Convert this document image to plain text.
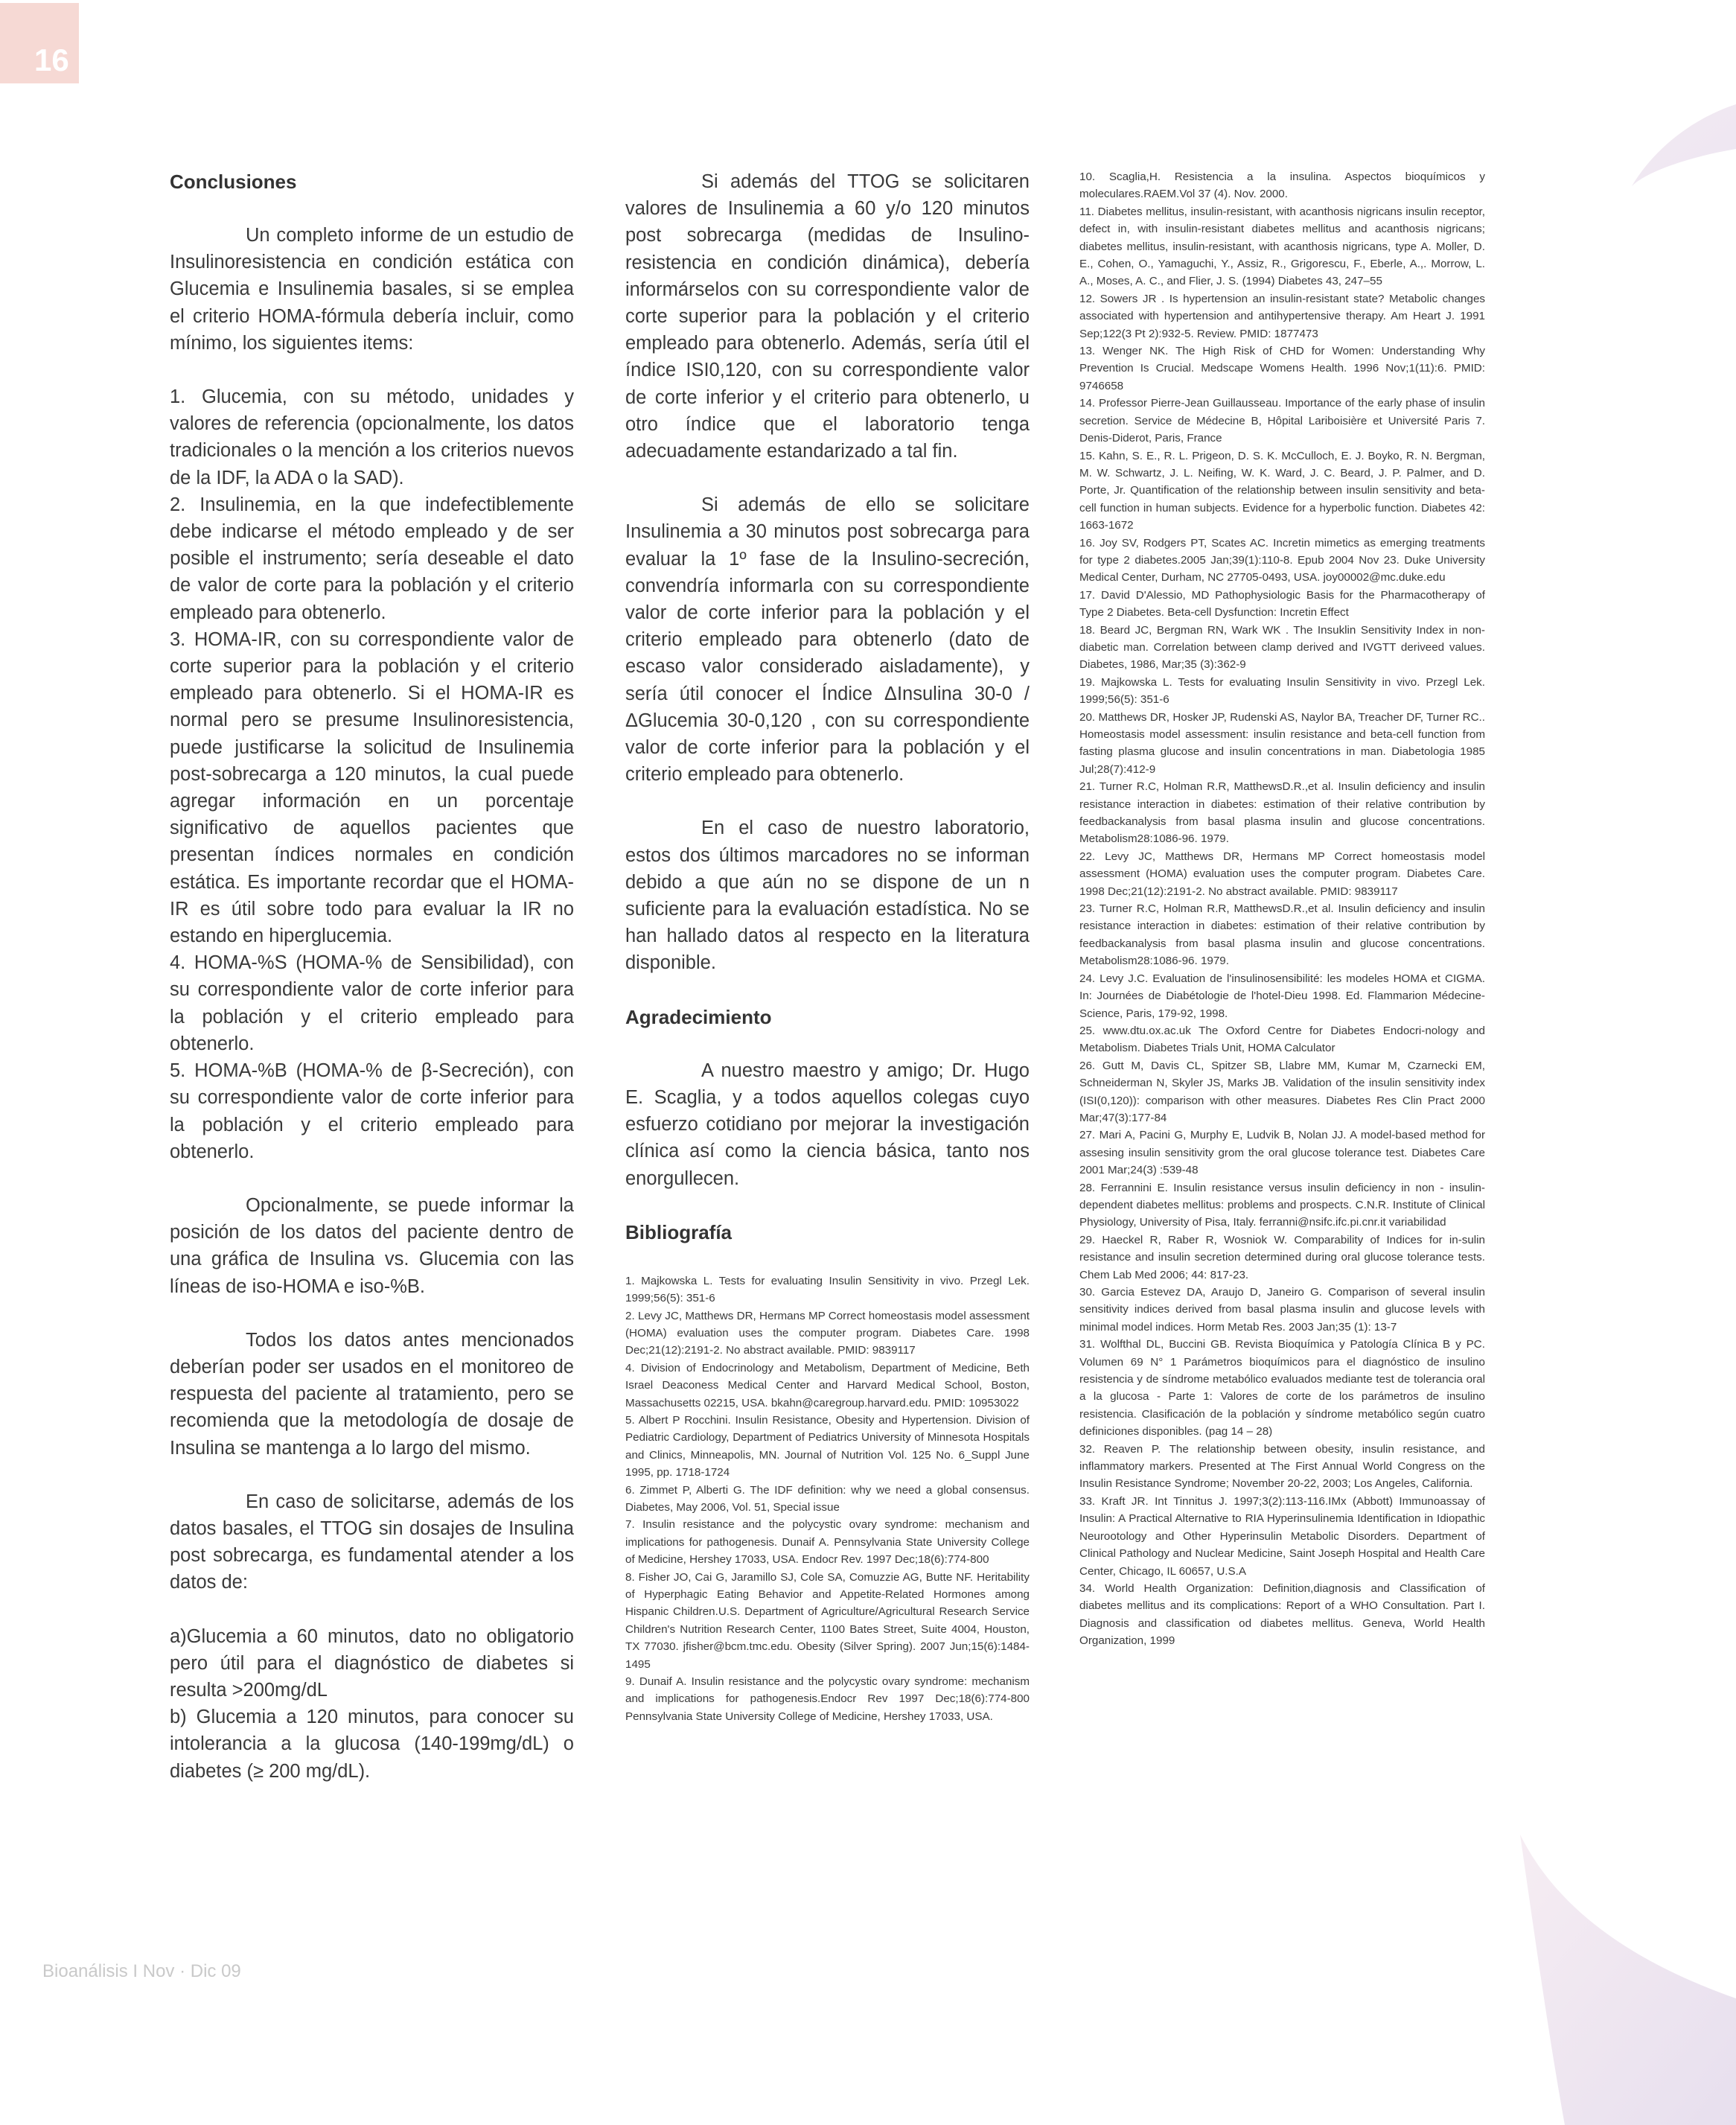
16
Conclusiones

Un completo informe de un estudio de Insulinoresistencia en condición estática con Glucemia e Insulinemia basales, si se emplea el criterio HOMA-fórmula debería incluir, como mínimo, los siguientes items:

1. Glucemia, con su método, unidades y valores de referencia (opcionalmente, los datos tradicionales o la mención a los criterios nuevos de la IDF, la ADA o la SAD).

2. Insulinemia, en la que indefectiblemente debe indicarse el método empleado y de ser posible el instrumento; sería deseable el dato de valor de corte para la población y el criterio empleado para obtenerlo.

3. HOMA-IR, con su correspondiente valor de corte superior para la población y el criterio empleado para obtenerlo. Si el HOMA-IR es normal pero se presume Insulinoresistencia, puede justificarse la solicitud de Insulinemia post-sobrecarga a 120 minutos, la cual puede agregar información en un porcentaje significativo de aquellos pacientes que presentan índices normales en condición estática. Es importante recordar que el HOMA-IR es útil sobre todo para evaluar la IR no estando en hiperglucemia.

4. HOMA-%S (HOMA-% de Sensibilidad), con su correspondiente valor de corte inferior para la población y el criterio empleado para obtenerlo.

5. HOMA-%B (HOMA-% de β-Secreción), con su correspondiente valor de corte inferior para la población y el criterio empleado para obtenerlo.

Opcionalmente, se puede informar la posición de los datos del paciente dentro de una gráfica de Insulina vs. Glucemia con las líneas de iso-HOMA e iso-%B.

Todos los datos antes mencionados deberían poder ser usados en el monitoreo de respuesta del paciente al tratamiento, pero se recomienda que la metodología de dosaje de Insulina se mantenga a lo largo del mismo.

En caso de solicitarse, además de los datos basales, el TTOG sin dosajes de Insulina post sobrecarga, es fundamental atender a los datos de:

a)Glucemia a 60 minutos, dato no obligatorio pero útil para el diagnóstico de diabetes si resulta >200mg/dL

b) Glucemia a 120 minutos, para conocer su intolerancia a la glucosa (140-199mg/dL) o diabetes (≥ 200 mg/dL).

Si además del TTOG se solicitaren valores de Insulinemia a 60 y/o 120 minutos post sobrecarga (medidas de Insulino-resistencia en condición dinámica), debería informárselos con su correspondiente valor de corte superior para la población y el criterio empleado para obtenerlo. Además, sería útil el índice ISI0,120, con su correspondiente valor de corte inferior y el criterio para obtenerlo, u otro índice que el laboratorio tenga adecuadamente estandarizado a tal fin.

Si además de ello se solicitare Insulinemia a 30 minutos post sobrecarga para evaluar la 1º fase de la Insulino-secreción, convendría informarla con su correspondiente valor de corte inferior para la población y el criterio empleado para obtenerlo (dato de escaso valor considerado aisladamente), y sería útil conocer el Índice ΔInsulina 30-0 / ΔGlucemia 30-0,120 , con su correspondiente valor de corte inferior para la población y el criterio empleado para obtenerlo.

En el caso de nuestro laboratorio, estos dos últimos marcadores no se informan debido a que aún no se dispone de un n suficiente para la evaluación estadística. No se han hallado datos al respecto en la literatura disponible.

Agradecimiento

A nuestro maestro y amigo; Dr. Hugo E. Scaglia, y a todos aquellos colegas cuyo esfuerzo cotidiano por mejorar la investigación clínica así como la ciencia básica, tanto nos enorgullecen.

Bibliografía

1. Majkowska L. Tests for evaluating Insulin Sensitivity in vivo. Przegl Lek. 1999;56(5): 351-6

2. Levy JC, Matthews DR, Hermans MP Correct homeostasis model assessment (HOMA) evaluation uses the computer program. Diabetes Care. 1998 Dec;21(12):2191-2. No abstract available. PMID: 9839117

4. Division of Endocrinology and Metabolism, Department of Medicine, Beth Israel Deaconess Medical Center and Harvard Medical School, Boston, Massachusetts 02215, USA. bkahn@caregroup.harvard.edu. PMID: 10953022

5. Albert P Rocchini. Insulin Resistance, Obesity and Hypertension. Division of Pediatric Cardiology, Department of Pediatrics University of Minnesota Hospitals and Clinics, Minneapolis, MN. Journal of Nutrition Vol. 125 No. 6_Suppl June 1995, pp. 1718-1724

6. Zimmet P, Alberti G. The IDF definition: why we need a global consensus. Diabetes, May 2006, Vol. 51, Special issue

7. Insulin resistance and the polycystic ovary syndrome: mechanism and implications for pathogenesis. Dunaif A. Pennsylvania State University College of Medicine, Hershey 17033, USA. Endocr Rev. 1997 Dec;18(6):774-800

8. Fisher JO, Cai G, Jaramillo SJ, Cole SA, Comuzzie AG, Butte NF. Heritability of Hyperphagic Eating Behavior and Appetite-Related Hormones among Hispanic Children.U.S. Department of Agriculture/Agricultural Research Service Children's Nutrition Research Center, 1100 Bates Street, Suite 4004, Houston, TX 77030. jfisher@bcm.tmc.edu. Obesity (Silver Spring). 2007 Jun;15(6):1484-1495

9. Dunaif A. Insulin resistance and the polycystic ovary syndrome: mechanism and implications for pathogenesis.Endocr Rev 1997 Dec;18(6):774-800 Pennsylvania State University College of Medicine, Hershey 17033, USA.

10. Scaglia,H. Resistencia a la insulina. Aspectos bioquímicos y moleculares.RAEM.Vol 37 (4). Nov. 2000.

11. Diabetes mellitus, insulin-resistant, with acanthosis nigricans insulin receptor, defect in, with insulin-resistant diabetes mellitus and acanthosis nigricans; diabetes mellitus, insulin-resistant, with acanthosis nigricans, type A. Moller, D. E., Cohen, O., Yamaguchi, Y., Assiz, R., Grigorescu, F., Eberle, A.,. Morrow, L. A., Moses, A. C., and Flier, J. S. (1994) Diabetes 43, 247–55

12. Sowers JR . Is hypertension an insulin-resistant state? Metabolic changes associated with hypertension and antihypertensive therapy. Am Heart J. 1991 Sep;122(3 Pt 2):932-5. Review. PMID: 1877473

13. Wenger NK. The High Risk of CHD for Women: Understanding Why Prevention Is Crucial. Medscape Womens Health. 1996 Nov;1(11):6. PMID: 9746658

14. Professor Pierre-Jean Guillausseau. Importance of the early phase of insulin secretion. Service de Médecine B, Hôpital Lariboisière et Université Paris 7. Denis-Diderot, Paris, France

15. Kahn, S. E., R. L. Prigeon, D. S. K. McCulloch, E. J. Boyko, R. N. Bergman, M. W. Schwartz, J. L. Neifing, W. K. Ward, J. C. Beard, J. P. Palmer, and D. Porte, Jr. Quantification of the relationship between insulin sensitivity and beta-cell function in human subjects. Evidence for a hyperbolic function. Diabetes 42: 1663-1672

16. Joy SV, Rodgers PT, Scates AC. Incretin mimetics as emerging treatments for type 2 diabetes.2005 Jan;39(1):110-8. Epub 2004 Nov 23. Duke University Medical Center, Durham, NC 27705-0493, USA. joy00002@mc.duke.edu

17. David D'Alessio, MD Pathophysiologic Basis for the Pharmacotherapy of Type 2 Diabetes. Beta-cell Dysfunction: Incretin Effect

18. Beard JC, Bergman RN, Wark WK . The Insuklin Sensitivity Index in non-diabetic man. Correlation between clamp derived and IVGTT deriveed values. Diabetes, 1986, Mar;35 (3):362-9

19. Majkowska L. Tests for evaluating Insulin Sensitivity in vivo. Przegl Lek. 1999;56(5): 351-6

20. Matthews DR, Hosker JP, Rudenski AS, Naylor BA, Treacher DF, Turner RC.. Homeostasis model assessment: insulin resistance and beta-cell function from fasting plasma glucose and insulin concentrations in man. Diabetologia 1985 Jul;28(7):412-9

21. Turner R.C, Holman R.R, MatthewsD.R.,et al. Insulin deficiency and insulin resistance interaction in diabetes: estimation of their relative contribution by feedbackanalysis from basal plasma insulin and glucose concentrations. Metabolism28:1086-96. 1979.

22. Levy JC, Matthews DR, Hermans MP Correct homeostasis model assessment (HOMA) evaluation uses the computer program. Diabetes Care. 1998 Dec;21(12):2191-2. No abstract available. PMID: 9839117

23. Turner R.C, Holman R.R, MatthewsD.R.,et al. Insulin deficiency and insulin resistance interaction in diabetes: estimation of their relative contribution by feedbackanalysis from basal plasma insulin and glucose concentrations. Metabolism28:1086-96. 1979.

24. Levy J.C. Evaluation de l'insulinosensibilité: les modeles HOMA et CIGMA. In: Journées de Diabétologie de l'hotel-Dieu 1998. Ed. Flammarion Médecine-Science, Paris, 179-92, 1998.

25. www.dtu.ox.ac.uk The Oxford Centre for Diabetes Endocri-nology and Metabolism. Diabetes Trials Unit, HOMA Calculator

26. Gutt M, Davis CL, Spitzer SB, Llabre MM, Kumar M, Czarnecki EM, Schneiderman N, Skyler JS, Marks JB. Validation of the insulin sensitivity index (ISI(0,120)): comparison with other measures. Diabetes Res Clin Pract 2000 Mar;47(3):177-84

27. Mari A, Pacini G, Murphy E, Ludvik B, Nolan JJ. A model-based method for assesing insulin sensitivity grom the oral glucose tolerance test. Diabetes Care 2001 Mar;24(3) :539-48

28. Ferrannini E. Insulin resistance versus insulin deficiency in non - insulin-dependent diabetes mellitus: problems and prospects. C.N.R. Institute of Clinical Physiology, University of Pisa, Italy. ferranni@nsifc.ifc.pi.cnr.it variabilidad

29. Haeckel R, Raber R, Wosniok W. Comparability of Indices for in-sulin resistance and insulin secretion determined during oral glucose tolerance tests. Chem Lab Med 2006; 44: 817-23.

30. Garcia Estevez DA, Araujo D, Janeiro G. Comparison of several insulin sensitivity indices derived from basal plasma insulin and glucose levels with minimal model indices. Horm Metab Res. 2003 Jan;35 (1): 13-7

31. Wolfthal DL, Buccini GB. Revista Bioquímica y Patología Clínica B y PC. Volumen 69 N° 1 Parámetros bioquímicos para el diagnóstico de insulino resistencia y de síndrome metabólico evaluados mediante test de tolerancia oral a la glucosa - Parte 1: Valores de corte de los parámetros de insulino resistencia. Clasificación de la población y síndrome metabólico según cuatro definiciones disponibles. (pag 14 – 28)

32. Reaven P. The relationship between obesity, insulin resistance, and inflammatory markers. Presented at The First Annual World Congress on the Insulin Resistance Syndrome; November 20-22, 2003; Los Angeles, California.

33. Kraft JR. Int Tinnitus J. 1997;3(2):113-116.IMx (Abbott) Immunoassay of Insulin: A Practical Alternative to RIA Hyperinsulinemia Identification in Idiopathic Neurootology and Other Hyperinsulin Metabolic Disorders. Department of Clinical Pathology and Nuclear Medicine, Saint Joseph Hospital and Health Care Center, Chicago, IL 60657, U.S.A

34. World Health Organization: Definition,diagnosis and Classification of diabetes mellitus and its complications: Report of a WHO Consultation. Part I. Diagnosis and classification od diabetes mellitus. Geneva, World Health Organization, 1999

Bioanálisis I Nov · Dic 09
